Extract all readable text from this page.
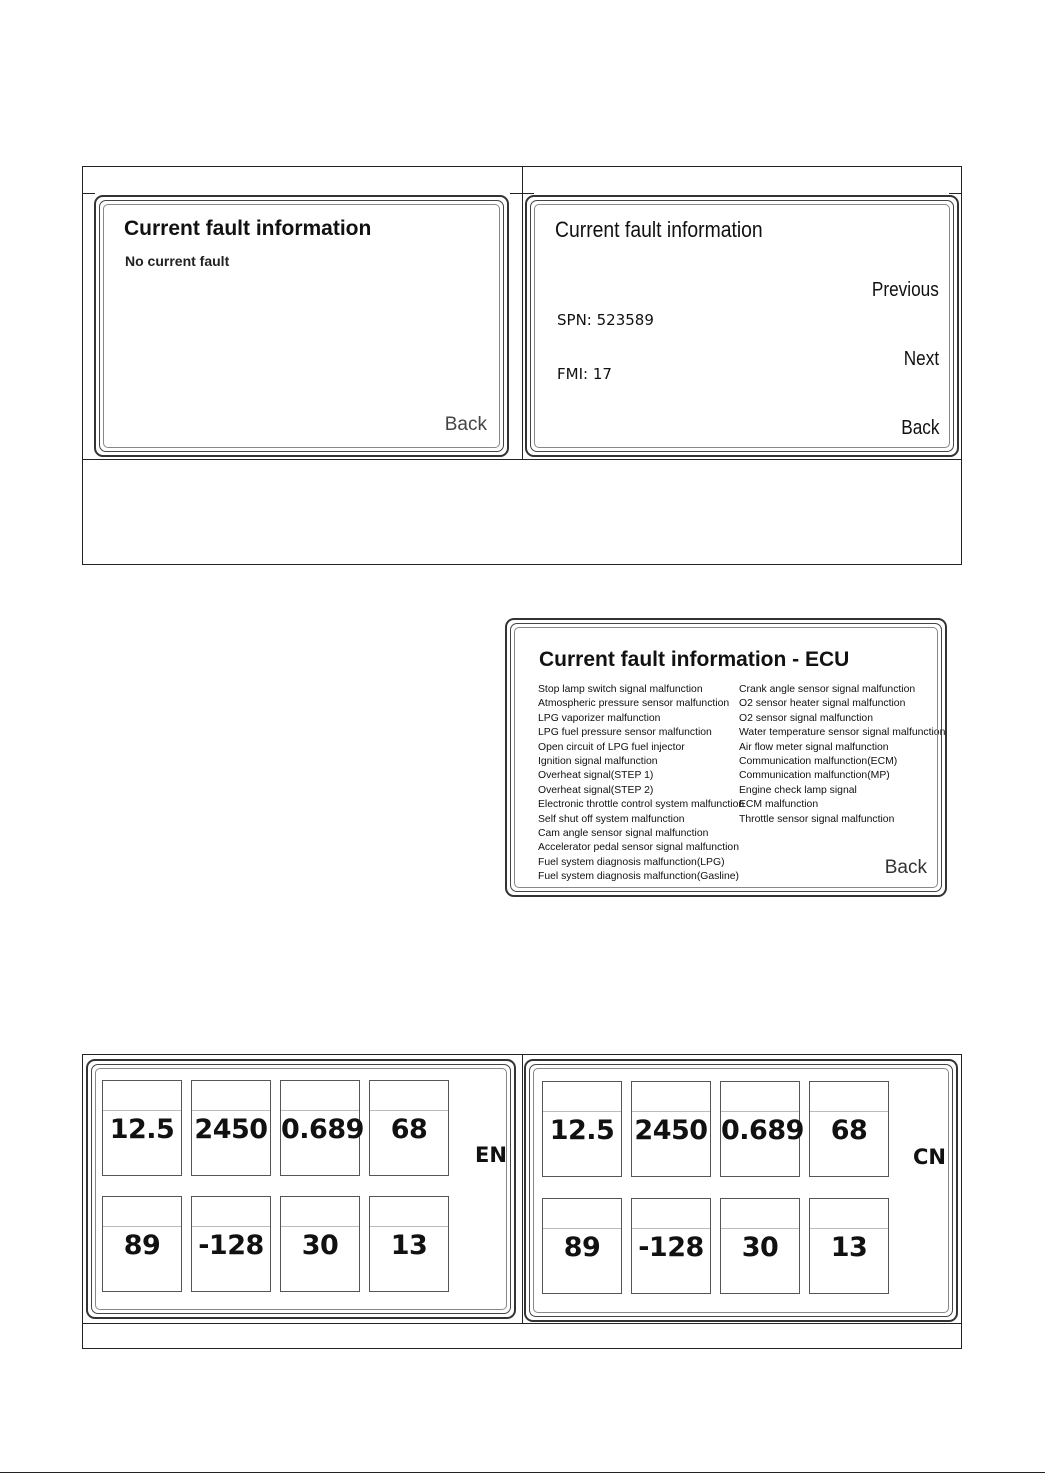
Current fault information
No current fault
Back
Current fault information
Previous
SPN: 523589
Next
FMI: 17
Back
Current fault information - ECU
Stop lamp switch signal malfunction
Atmospheric pressure sensor malfunction
LPG vaporizer malfunction
LPG fuel pressure sensor malfunction
Open circuit of LPG fuel injector
Ignition signal malfunction
Overheat signal(STEP 1)
Overheat signal(STEP 2)
Electronic throttle control system malfunction
Self shut off system malfunction
Cam angle sensor signal malfunction
Accelerator pedal sensor signal malfunction
Fuel system diagnosis malfunction(LPG)
Fuel system diagnosis malfunction(Gasline)
Crank angle sensor signal malfunction
O2 sensor heater signal malfunction
O2 sensor signal malfunction
Water temperature sensor signal malfunction
Air flow meter signal malfunction
Communication malfunction(ECM)
Communication malfunction(MP)
Engine check lamp signal
ECM malfunction
Throttle sensor signal malfunction
Back
12.5 2450 0.689 68
89	-128	30	13
EN
12.5 2450 0.689 68
89	-128	30	13
CN
